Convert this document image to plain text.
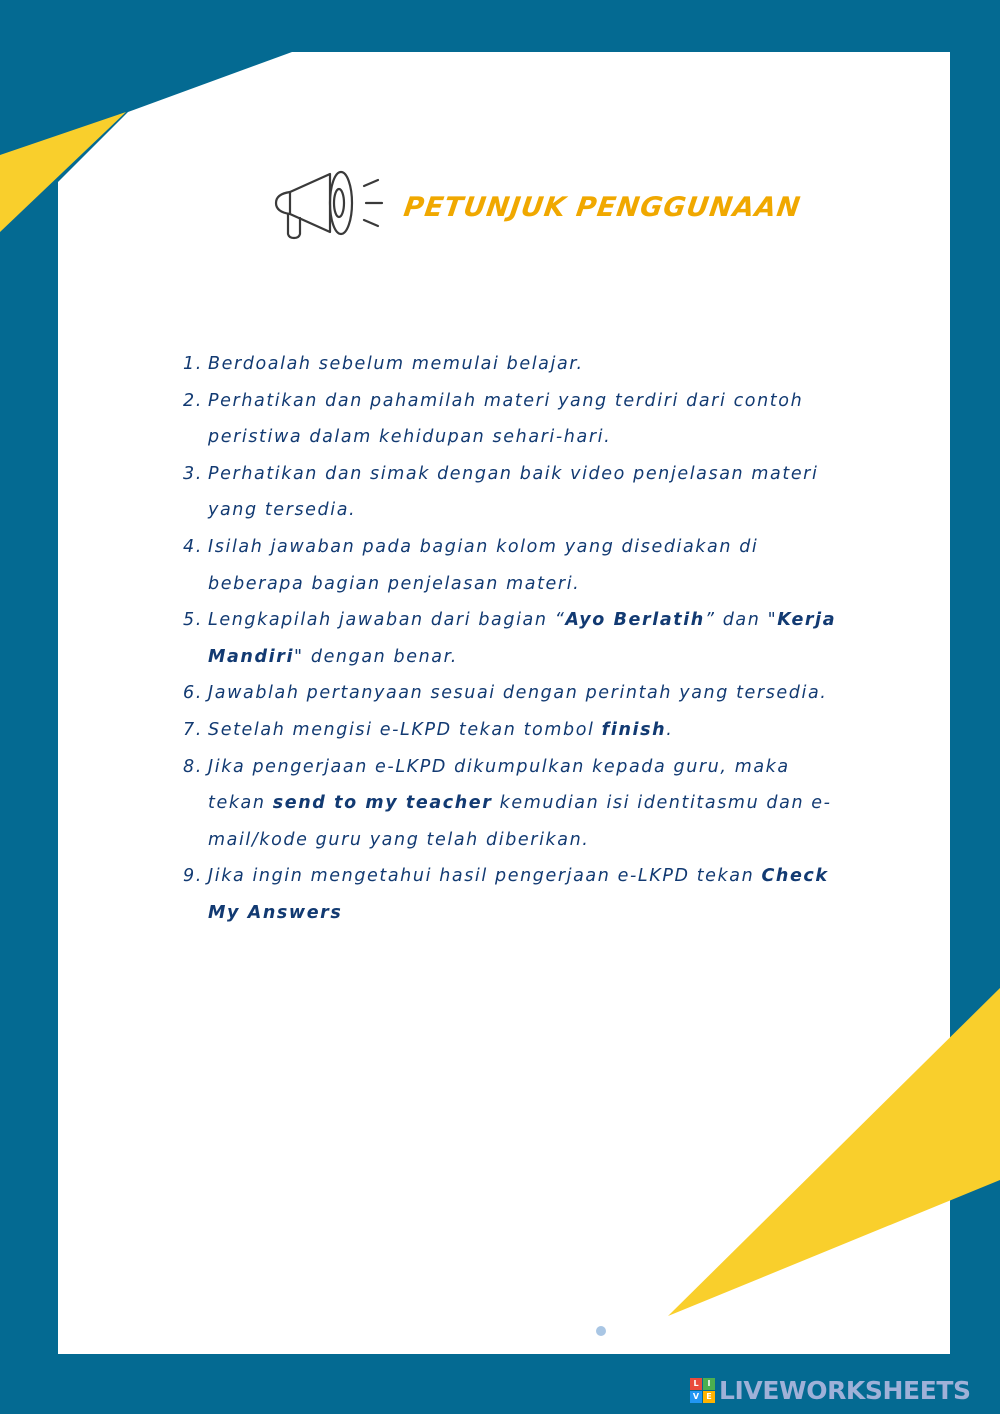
PETUNJUK PENGGUNAAN
1. Berdoalah sebelum memulai belajar.
2. Perhatikan dan pahamilah materi yang terdiri dari contoh peristiwa dalam kehidupan sehari-hari.
3. Perhatikan dan simak dengan baik video penjelasan materi yang tersedia.
4. Isilah jawaban pada bagian kolom yang disediakan di beberapa bagian penjelasan materi.
5. Lengkapilah jawaban dari bagian “Ayo Berlatih” dan "Kerja Mandiri" dengan benar.
6. Jawablah pertanyaan sesuai dengan perintah yang tersedia.
7. Setelah mengisi e-LKPD tekan tombol finish.
8. Jika pengerjaan e-LKPD dikumpulkan kepada guru, maka tekan send to my teacher kemudian isi identitasmu dan e-mail/kode guru yang telah diberikan.
9. Jika ingin mengetahui hasil pengerjaan e-LKPD tekan Check My Answers
L	I
V E LIVEWORKSHEETS
